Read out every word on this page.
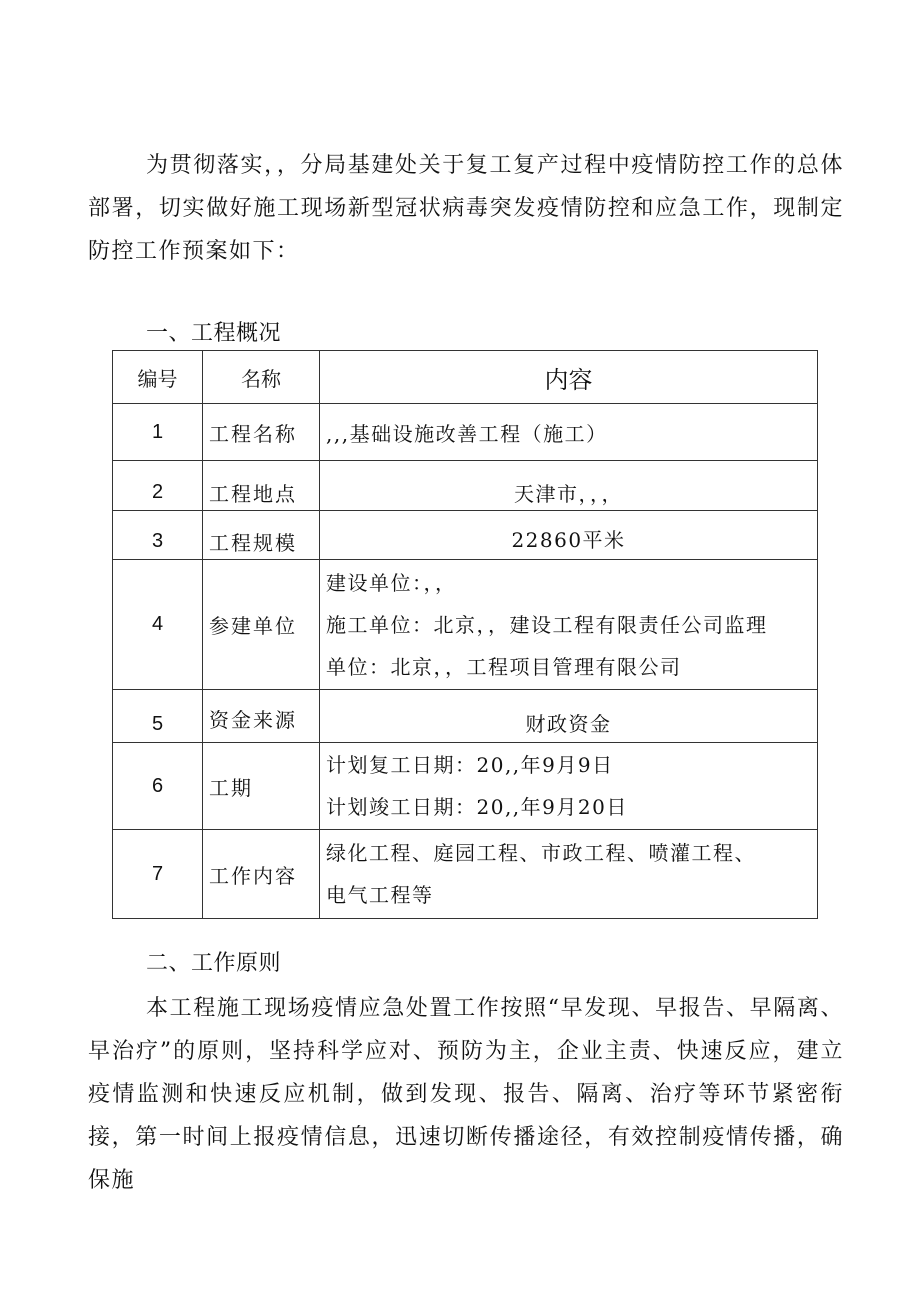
为贯彻落实，，分局基建处关于复工复产过程中疫情防控工作的总体部署，切实做好施工现场新型冠状病毒突发疫情防控和应急工作，现制定防控工作预案如下：

一、工程概况
编号	名称	内容
1	工程名称	,,,基础设施改善工程（施工）
2	工程地点	天津市，，，
3	工程规模	22860平米
4	参建单位	建设单位：，，
施工单位：北京，，建设工程有限责任公司监理
单位：北京，，工程项目管理有限公司

5	资金来源	财政资金
6	工期	计划复工日期：20,,年9月9日
计划竣工日期：20,,年9月20日

7	工作内容	绿化工程、庭园工程、市政工程、喷灌工程、
电气工程等
二、工作原则

本工程施工现场疫情应急处置工作按照“早发现、早报告、早隔离、早治疗”的原则，坚持科学应对、预防为主，企业主责、快速反应，建立疫情监测和快速反应机制，做到发现、报告、隔离、治疗等环节紧密衔接，第一时间上报疫情信息，迅速切断传播途径，有效控制疫情传播，确保施
